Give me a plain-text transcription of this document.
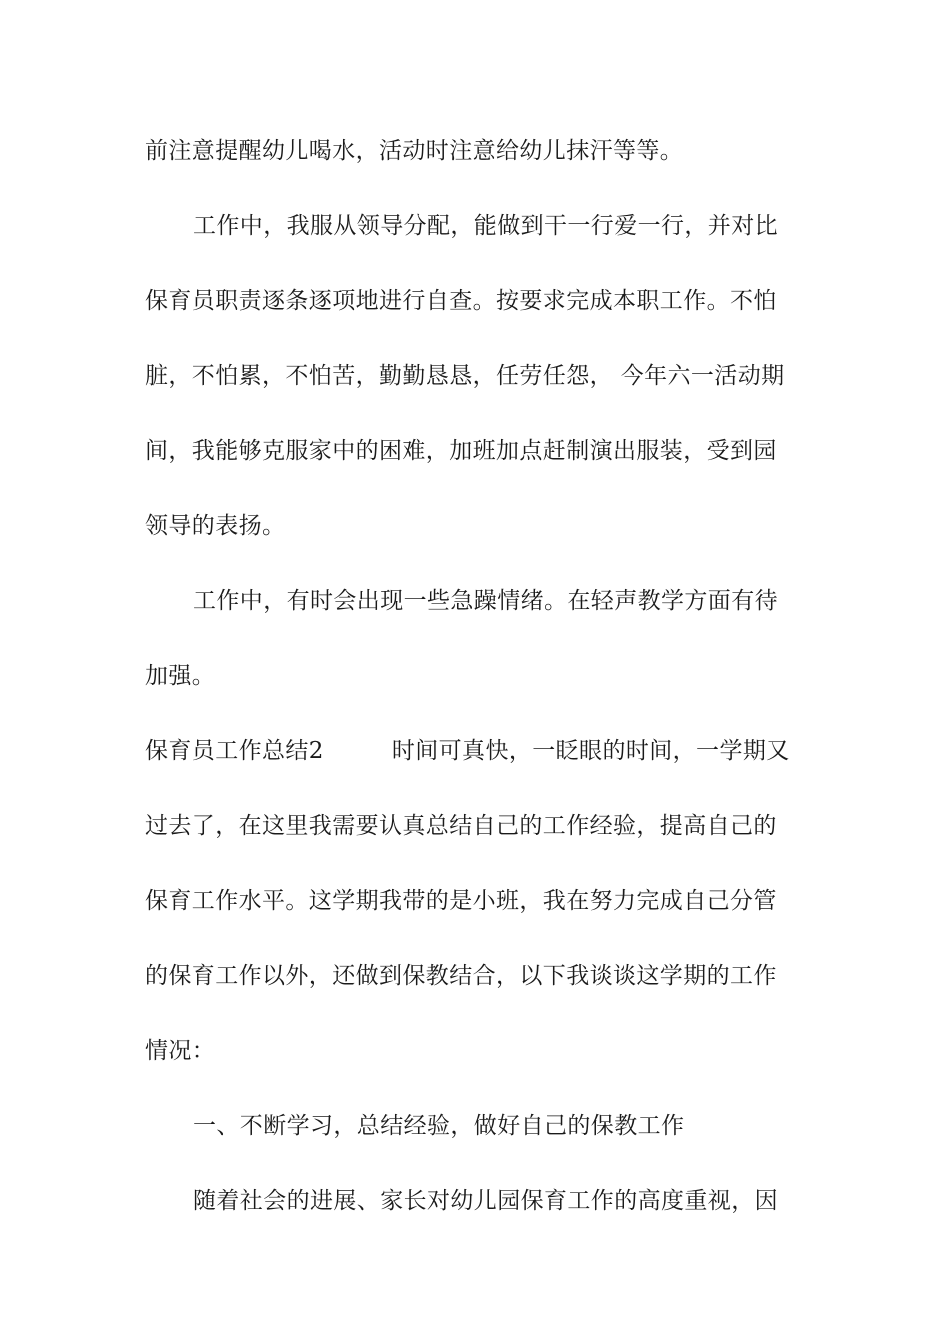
前注意提醒幼儿喝水，活动时注意给幼儿抹汗等等。
工作中，我服从领导分配，能做到干一行爱一行，并对比
保育员职责逐条逐项地进行自查。按要求完成本职工作。不怕
脏，不怕累，不怕苦，勤勤恳恳，任劳任怨， 今年六一活动期
间，我能够克服家中的困难，加班加点赶制演出服装，受到园
领导的表扬。
工作中，有时会出现一些急躁情绪。在轻声教学方面有待
加强。
保育员工作总结2	时间可真快，一眨眼的时间，一学期又
过去了，在这里我需要认真总结自己的工作经验，提高自己的
保育工作水平。这学期我带的是小班，我在努力完成自己分管
的保育工作以外，还做到保教结合，以下我谈谈这学期的工作
情况：
一、不断学习，总结经验，做好自己的保教工作
随着社会的进展、家长对幼儿园保育工作的高度重视，因
